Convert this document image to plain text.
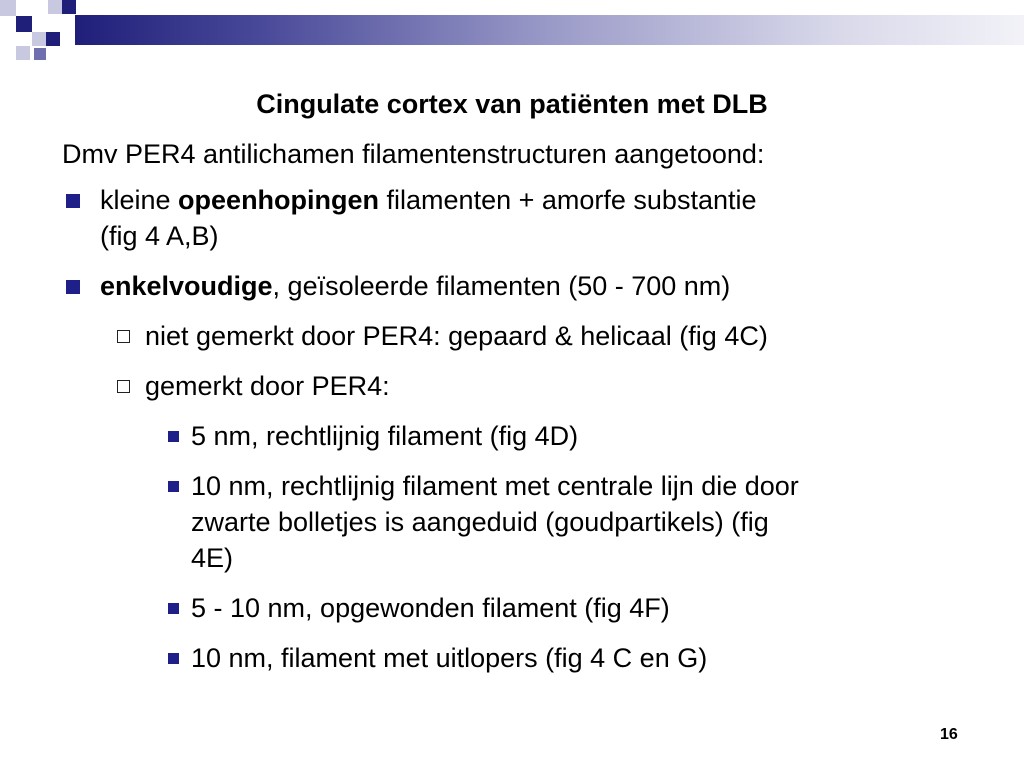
Cingulate cortex van patiënten met DLB
Dmv PER4 antilichamen filamentenstructuren aangetoond:
kleine opeenhopingen filamenten + amorfe substantie
(fig 4 A,B)
enkelvoudige, geïsoleerde filamenten (50 - 700 nm)
niet gemerkt door PER4: gepaard & helicaal (fig 4C)
gemerkt door PER4:
5 nm, rechtlijnig filament (fig 4D)
10 nm, rechtlijnig filament met centrale lijn die door
zwarte bolletjes is aangeduid (goudpartikels) (fig
4E)
5 - 10 nm, opgewonden filament (fig 4F)
10 nm, filament met uitlopers (fig 4 C en G)
16
